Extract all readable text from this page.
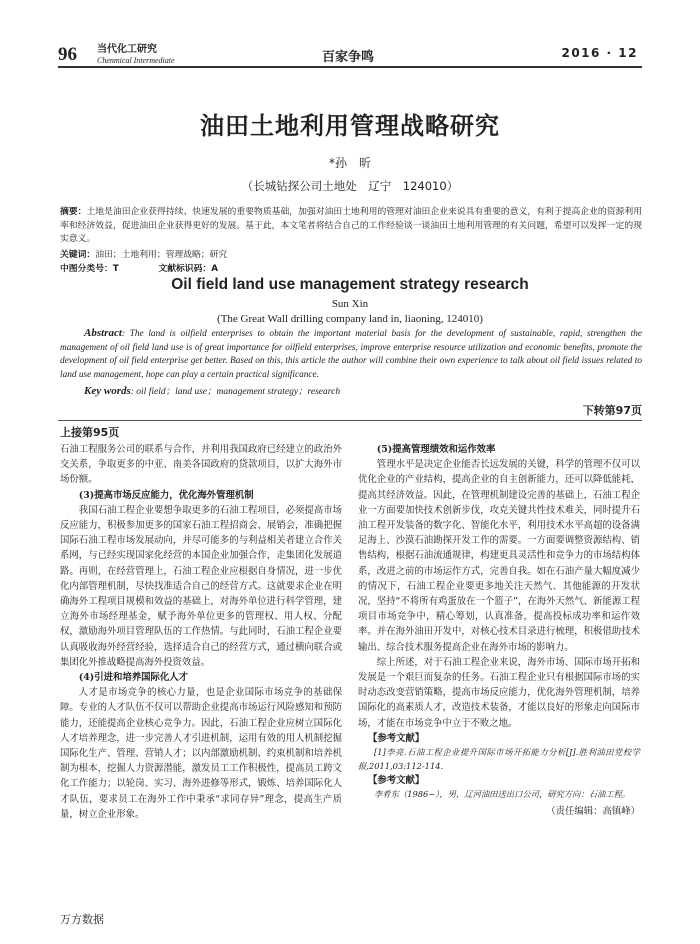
96 当代化工研究
Chenmical Intermediate	百家争鸣	2016 · 12
油田土地利用管理战略研究
*孙　昕
（长城钻探公司土地处　辽宁　124010）
摘要：土地是油田企业获得持续、快速发展的重要物质基础，加强对油田土地利用的管理对油田企业来说具有重要的意义，有利于提高企业的资源利用率和经济效益，促进油田企业获得更好的发展。基于此，本文笔者将结合自己的工作经验谈一谈油田土地利用管理的有关问题，希望可以发挥一定的现实意义。
关键词：油田；土地利用；管理战略；研究
中图分类号：T	文献标识码：A
Oil field land use management strategy research
Sun Xin
(The Great Wall drilling company land in, liaoning, 124010)
Abstract: The land is oilfield enterprises to obtain the important material basis for the development of sustainable, rapid, strengthen the management of oil field land use is of great importance for oilfield enterprises, improve enterprise resource utilization and economic benefits, promote the development of oil field enterprise get better. Based on this, this article the author will combine their own experience to talk about oil field issues related to land use management, hope can play a certain practical significance.
Key words: oil field；land use；management strategy；research
下转第97页
上接第95页

石油工程服务公司的联系与合作，并利用我国政府已经建立的政治外交关系，争取更多的中亚、南美各国政府的贷款项目，以扩大海外市场份额。

(3)提高市场反应能力，优化海外管理机制

我国石油工程企业要想争取更多的石油工程项目，必须提高市场反应能力，积极参加更多的国家石油工程招商会、展销会，准确把握国际石油工程市场发展动向，并尽可能多的与利益相关者建立合作关系网，与已经实现国家化经营的本国企业加强合作，走集团化发展道路。再则，在经营管理上，石油工程企业应根据自身情况，进一步优化内部管理机制，尽快找准适合自己的经营方式。这就要求企业在明确海外工程项目规模和效益的基础上，对海外单位进行科学管理，建立海外市场经理基金，赋予海外单位更多的管理权、用人权、分配权，激励海外项目管理队伍的工作热情。与此同时，石油工程企业要认真吸收海外经营经验，选择适合自己的经营方式，通过横向联合或集团化外推战略提高海外投资效益。

(4)引进和培养国际化人才

人才是市场竞争的核心力量，也是企业国际市场竞争的基础保障。专业的人才队伍不仅可以帮助企业提高市场运行风险感知和预防能力，还能提高企业核心竞争力。因此，石油工程企业应树立国际化人才培养理念，进一步完善人才引进机制，运用有效的用人机制挖掘国际化生产、管理、营销人才；以内部激励机制、约束机制和培养机制为根本，挖掘人力资源潜能，激发员工工作积极性，提高员工跨文化工作能力；以轮岗、实习、海外进修等形式，锻炼、培养国际化人才队伍，要求员工在海外工作中秉承“求同存异”理念，提高生产质量，树立企业形象。

(5)提高管理绩效和运作效率

管理水平是决定企业能否长远发展的关键，科学的管理不仅可以优化企业的产业结构，提高企业的自主创新能力，还可以降低能耗，提高其经济效益。因此，在管理机制建设完善的基础上，石油工程企业一方面要加快技术创新步伐，攻克关键共性技术难关，同时提升石油工程开发装备的数字化、智能化水平，利用技术水平高超的设备满足海上、沙漠石油勘探开发工作的需要。一方面要调整资源结构、销售结构，根据石油流通规律，构建更具灵活性和竞争力的市场结构体系，改进之前的市场运作方式，完善自我。如在石油产量大幅度减少的情况下，石油工程企业要更多地关注天然气、其他能源的开发状况，坚持“不将所有鸡蛋放在一个篮子”，在海外天然气、新能源工程项目市场竞争中，精心筹划，认真准备，提高投标成功率和运作效率。并在海外油田开发中，对核心技术目录进行梳理，积极借助技术输出、综合技术服务提高企业在海外市场的影响力。

综上所述，对于石油工程企业来说，海外市场、国际市场开拓和发展是一个艰巨而复杂的任务。石油工程企业只有根据国际市场的实时动态改变营销策略，提高市场反应能力，优化海外管理机制，培养国际化的高素质人才，改造技术装备，才能以良好的形象走向国际市场，才能在市场竞争中立于不败之地。

【参考文献】

[1]李亮.石油工程企业提升国际市场开拓能力分析[J].胜利油田党校学报,2011,03:112-114.

【参考文献】

李肴东（1986~），男，辽河油田送出口公司，研究方向：石油工程。

（责任编辑：高镇峰）

万方数据
